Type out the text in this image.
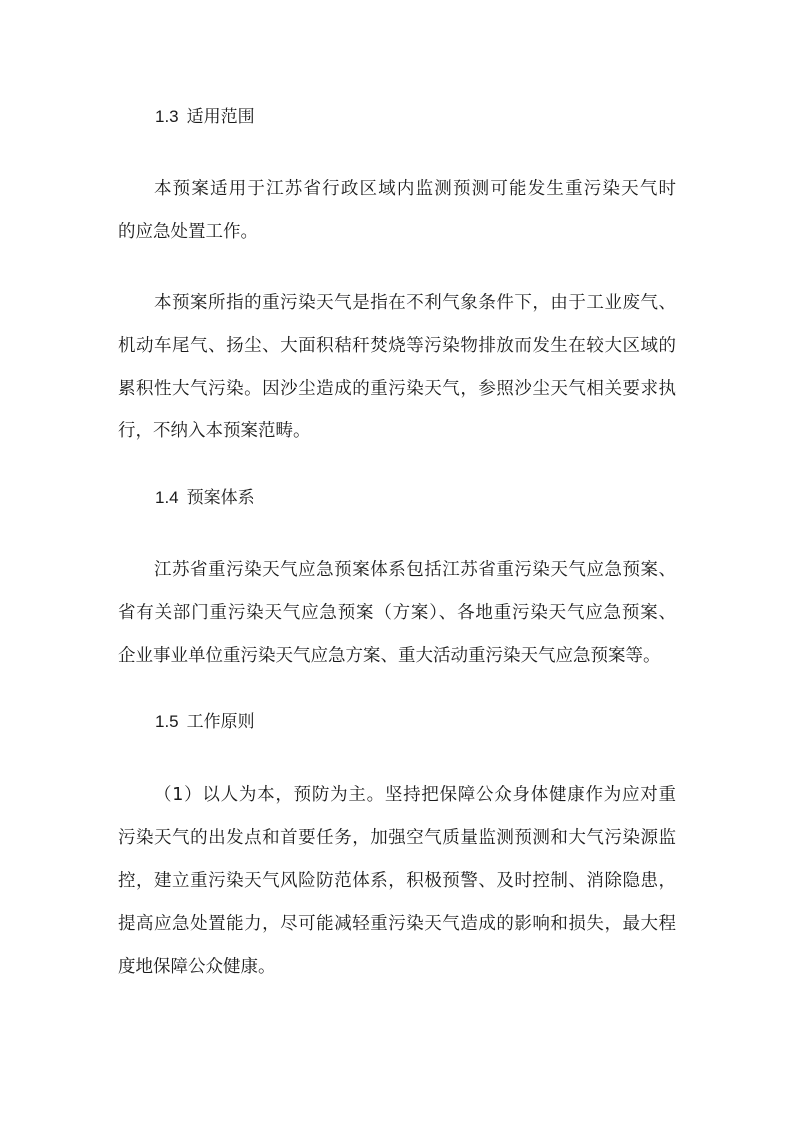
1.3 适用范围
本预案适用于江苏省行政区域内监测预测可能发生重污染天气时
的应急处置工作。
本预案所指的重污染天气是指在不利气象条件下，由于工业废气、
机动车尾气、扬尘、大面积秸秆焚烧等污染物排放而发生在较大区域的
累积性大气污染。因沙尘造成的重污染天气，参照沙尘天气相关要求执
行，不纳入本预案范畴。
1.4 预案体系
江苏省重污染天气应急预案体系包括江苏省重污染天气应急预案、
省有关部门重污染天气应急预案（方案）、各地重污染天气应急预案、
企业事业单位重污染天气应急方案、重大活动重污染天气应急预案等。
1.5 工作原则
（1）以人为本，预防为主。坚持把保障公众身体健康作为应对重
污染天气的出发点和首要任务，加强空气质量监测预测和大气污染源监
控，建立重污染天气风险防范体系，积极预警、及时控制、消除隐患，
提高应急处置能力，尽可能减轻重污染天气造成的影响和损失，最大程
度地保障公众健康。
